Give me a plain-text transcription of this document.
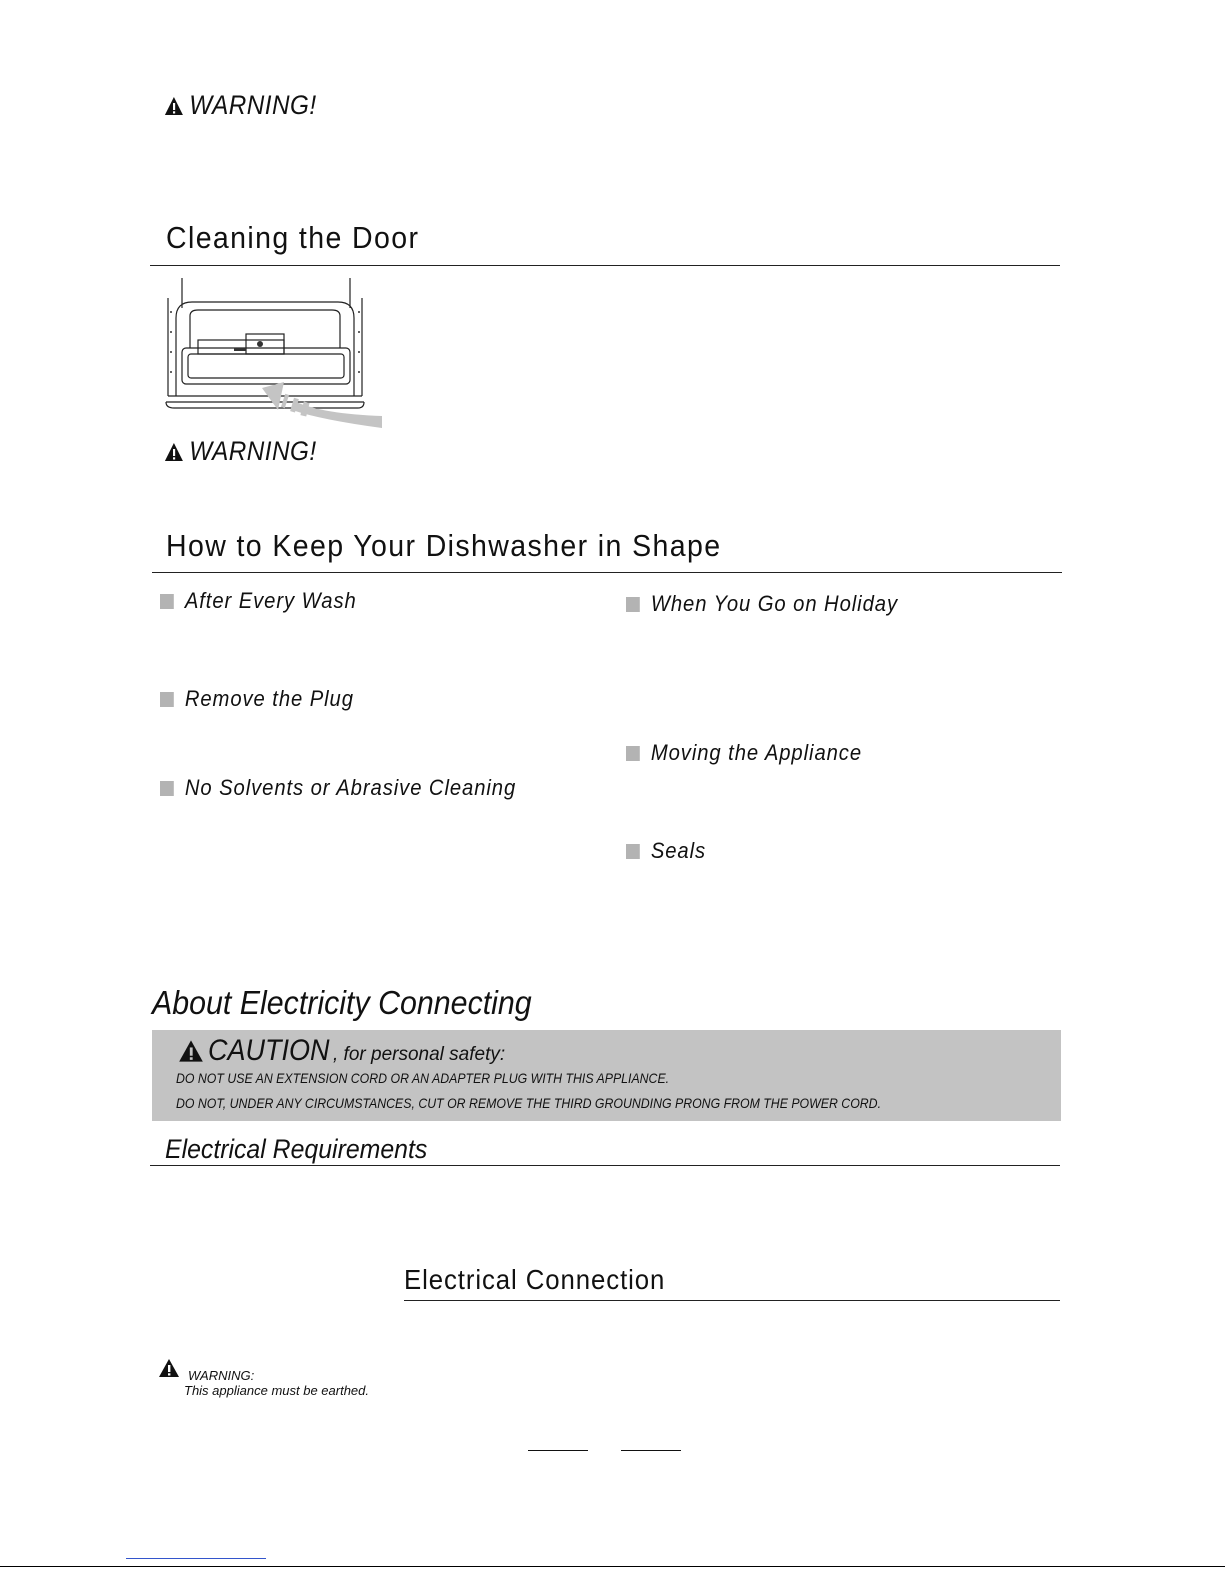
WARNING!
Cleaning the Door
WARNING!
How to Keep Your Dishwasher in Shape
After Every Wash
Remove the Plug
No Solvents or Abrasive Cleaning
When You Go on Holiday
Moving the Appliance
Seals
About Electricity Connecting
CAUTION , for personal safety:
DO NOT USE AN EXTENSION CORD OR AN ADAPTER PLUG WITH THIS APPLIANCE.
DO NOT, UNDER ANY CIRCUMSTANCES, CUT OR REMOVE THE THIRD GROUNDING PRONG FROM THE POWER CORD.
Electrical Requirements
Electrical Connection
WARNING:
This appliance must be earthed.
